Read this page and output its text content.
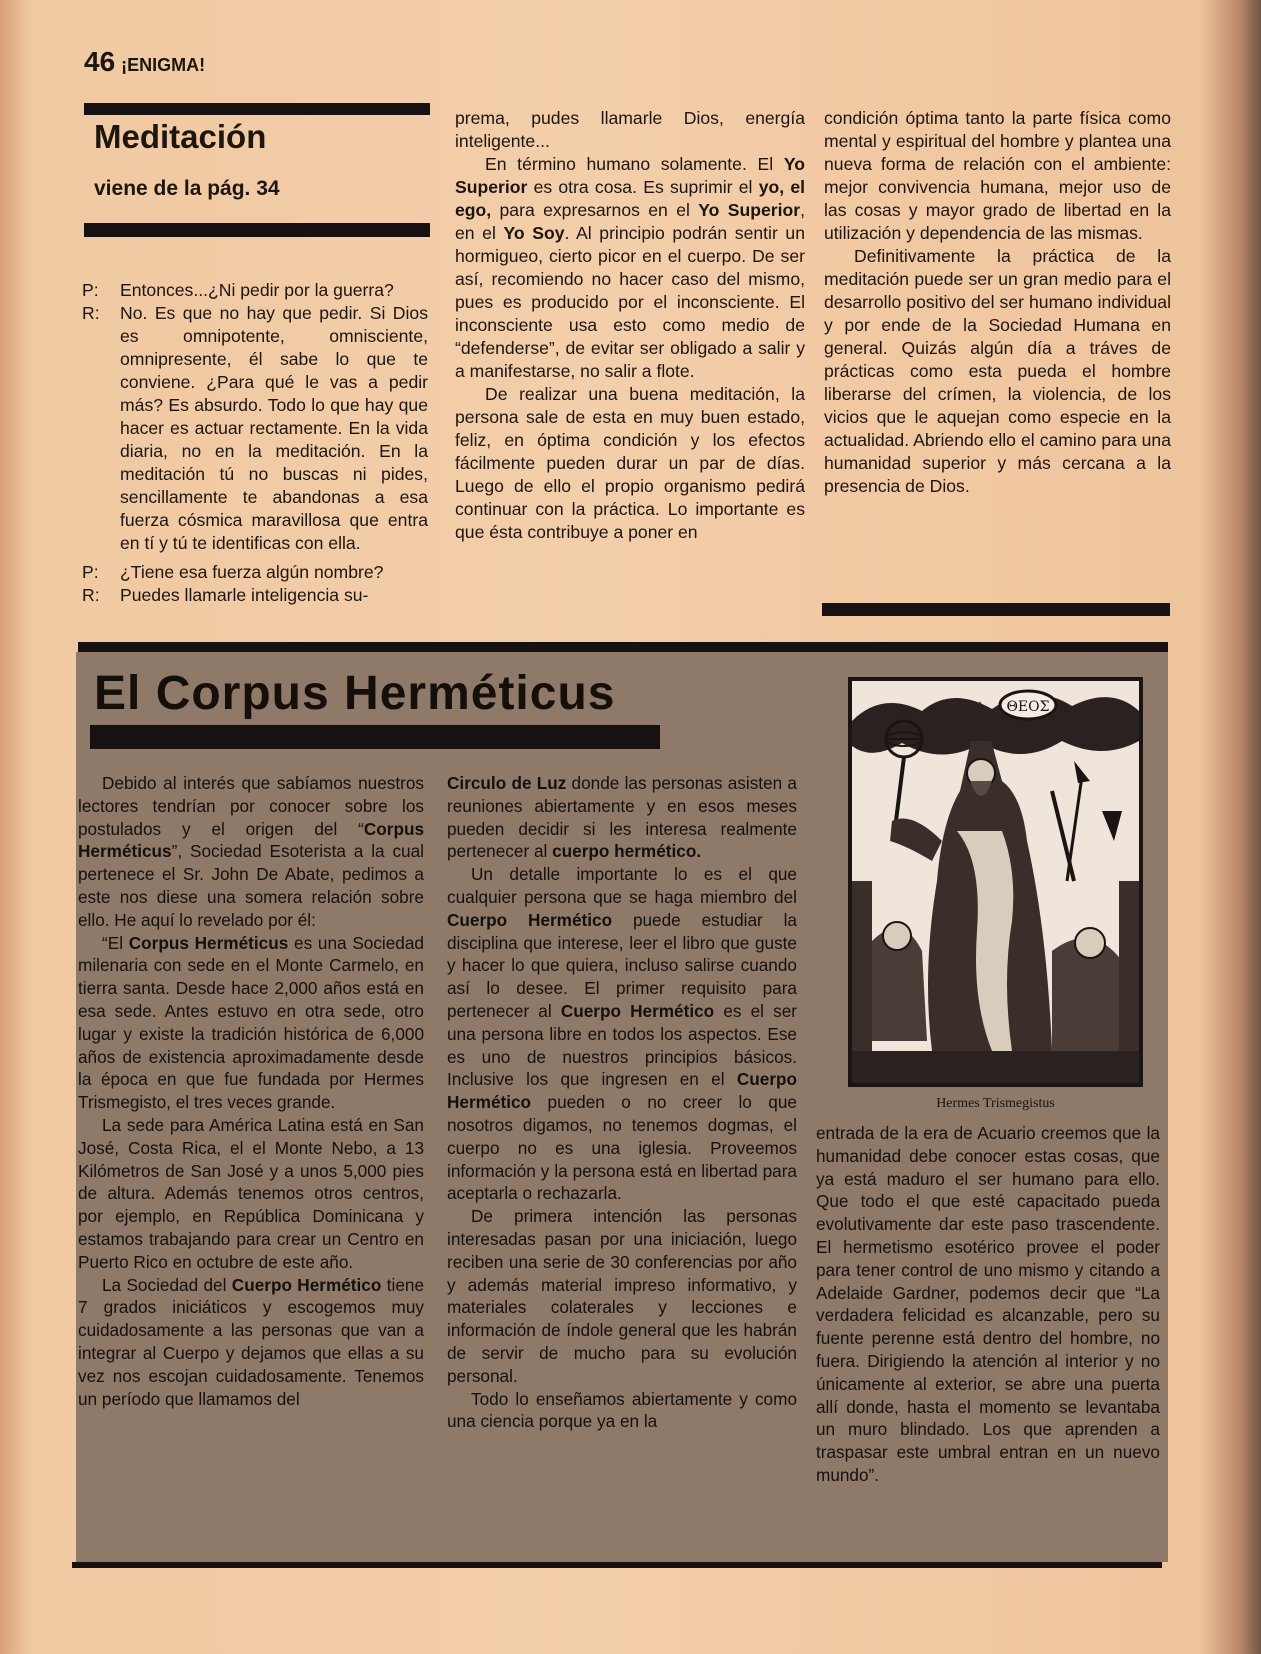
46 ¡ENIGMA!
Meditación
viene de la pág. 34
P:	Entonces...¿Ni pedir por la guerra?
R:	No. Es que no hay que pedir. Si Dios es omnipotente, omnisciente, omnipresente, él sabe lo que te conviene. ¿Para qué le vas a pedir más? Es absurdo. Todo lo que hay que hacer es actuar rectamente. En la vida diaria, no en la meditación. En la meditación tú no buscas ni pides, sencillamente te abandonas a esa fuerza cósmica maravillosa que entra en tí y tú te identificas con ella.
P:	¿Tiene esa fuerza algún nombre?
R:	Puedes llamarle inteligencia su-

prema, pudes llamarle Dios, energía inteligente...

En término humano solamente. El Yo Superior es otra cosa. Es suprimir el yo, el ego, para expresarnos en el Yo Superior, en el Yo Soy. Al principio podrán sentir un hormigueo, cierto picor en el cuerpo. De ser así, recomiendo no hacer caso del mismo, pues es producido por el inconsciente. El inconsciente usa esto como medio de “defenderse”, de evitar ser obligado a salir y a manifestarse, no salir a flote.

De realizar una buena meditación, la persona sale de esta en muy buen estado, feliz, en óptima condición y los efectos fácilmente pueden durar un par de días. Luego de ello el propio organismo pedirá continuar con la práctica. Lo importante es que ésta contribuye a poner en

condición óptima tanto la parte física como mental y espiritual del hombre y plantea una nueva forma de relación con el ambiente: mejor convivencia humana, mejor uso de las cosas y mayor grado de libertad en la utilización y dependencia de las mismas.

Definitivamente la práctica de la meditación puede ser un gran medio para el desarrollo positivo del ser humano individual y por ende de la Sociedad Humana en general. Quizás algún día a tráves de prácticas como esta pueda el hombre liberarse del crímen, la violencia, de los vicios que le aquejan como especie en la actualidad. Abriendo ello el camino para una humanidad superior y más cercana a la presencia de Dios.

El Corpus Herméticus

Debido al interés que sabíamos nuestros lectores tendrían por conocer sobre los postulados y el origen del “Corpus Herméticus”, Sociedad Esoterista a la cual pertenece el Sr. John De Abate, pedimos a este nos diese una somera relación sobre ello. He aquí lo revelado por él:

“El Corpus Herméticus es una Sociedad milenaria con sede en el Monte Carmelo, en tierra santa. Desde hace 2,000 años está en esa sede. Antes estuvo en otra sede, otro lugar y existe la tradición histórica de 6,000 años de existencia aproximadamente desde la época en que fue fundada por Hermes Trismegisto, el tres veces grande.

La sede para América Latina está en San José, Costa Rica, el el Monte Nebo, a 13 Kilómetros de San José y a unos 5,000 pies de altura. Además tenemos otros centros, por ejemplo, en República Dominicana y estamos trabajando para crear un Centro en Puerto Rico en octubre de este año.

La Sociedad del Cuerpo Hermético tiene 7 grados iniciáticos y escogemos muy cuidadosamente a las personas que van a integrar al Cuerpo y dejamos que ellas a su vez nos escojan cuidadosamente. Tenemos un período que llamamos del

Circulo de Luz donde las personas asisten a reuniones abiertamente y en esos meses pueden decidir si les interesa realmente pertenecer al cuerpo hermético.

Un detalle importante lo es el que cualquier persona que se haga miembro del Cuerpo Hermético puede estudiar la disciplina que interese, leer el libro que guste y hacer lo que quiera, incluso salirse cuando así lo desee. El primer requisito para pertenecer al Cuerpo Hermético es el ser una persona libre en todos los aspectos. Ese es uno de nuestros principios básicos. Inclusive los que ingresen en el Cuerpo Hermético pueden o no creer lo que nosotros digamos, no tenemos dogmas, el cuerpo no es una iglesia. Proveemos información y la persona está en libertad para aceptarla o rechazarla.

De primera intención las personas interesadas pasan por una iniciación, luego reciben una serie de 30 conferencias por año y además material impreso informativo, y materiales colaterales y lecciones e información de índole general que les habrán de servir de mucho para su evolución personal.

Todo lo enseñamos abiertamente y como una ciencia porque ya en la

ΘΕΟΣ
Hermes Trismegistus

entrada de la era de Acuario creemos que la humanidad debe conocer estas cosas, que ya está maduro el ser humano para ello. Que todo el que esté capacitado pueda evolutivamente dar este paso trascendente. El hermetismo esotérico provee el poder para tener control de uno mismo y citando a Adelaide Gardner, podemos decir que “La verdadera felicidad es alcanzable, pero su fuente perenne está dentro del hombre, no fuera. Dirigiendo la atención al interior y no únicamente al exterior, se abre una puerta allí donde, hasta el momento se levantaba un muro blindado. Los que aprenden a traspasar este umbral entran en un nuevo mundo”.
